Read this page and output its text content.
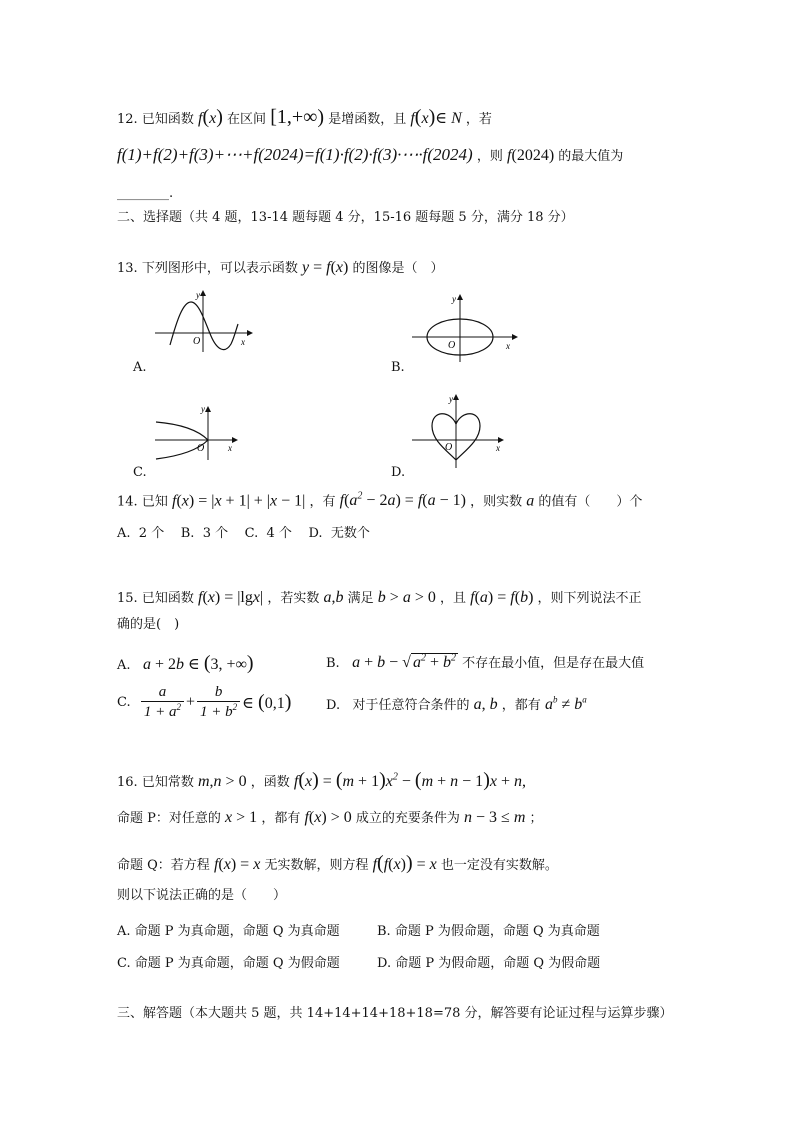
12. 已知函数 f(x) 在区间 [1,+∞) 是增函数，且 f(x)∈ N ，若
f(1)+f(2)+f(3)+⋯+f(2024)=f(1)·f(2)·f(3)·⋯·f(2024) ，则 f(2024) 的最大值为
________.
二、选择题（共 4 题，13-14 题每题 4 分，15-16 题每题 5 分，满分 18 分）
13. 下列图形中，可以表示函数 y = f(x) 的图像是（　）
y
x
O
A.
y
x
O
B.
y
x
O
C.
y
x
O
D.
14. 已知 f(x) = |x + 1| + |x − 1| ，有 $f(a^2 - 2a) = f(a - 1)$ ，则实数 a 的值有（　　）个
A. 2 个 B. 3 个 C. 4 个 D. 无数个
15. 已知函数 f(x) = |lgx| ，若实数 a,b 满足 b > a > 0 ，且 f(a) = f(b) ，则下列说法不正
确的是(　)
A. a + 2b ∈ (3, +∞)	B. a + b − √ $a^2 + b^2$ 不存在最小值，但是存在最大值
C. $\frac{a}{1 + a^2} + \frac{b}{1 + b^2}$ ∈ (0,1)	D. 对于任意符合条件的 a, b ，都有 $a^b \ne b^a$
16. 已知常数 m,n > 0 ，函数 $f(x) = (m + 1)x^2 - (m + n - 1)x + n$,
命题 P：对任意的 x > 1 ，都有 f(x) > 0 成立的充要条件为 n − 3 ≤ m ；
命题 Q：若方程 f(x) = x 无实数解，则方程 f(f(x)) = x 也一定没有实数解。
则以下说法正确的是（　　）
A. 命题 P 为真命题，命题 Q 为真命题	B. 命题 P 为假命题，命题 Q 为真命题
C. 命题 P 为真命题，命题 Q 为假命题	D. 命题 P 为假命题，命题 Q 为假命题
三、解答题（本大题共 5 题，共 14+14+14+18+18=78 分，解答要有论证过程与运算步骤）
